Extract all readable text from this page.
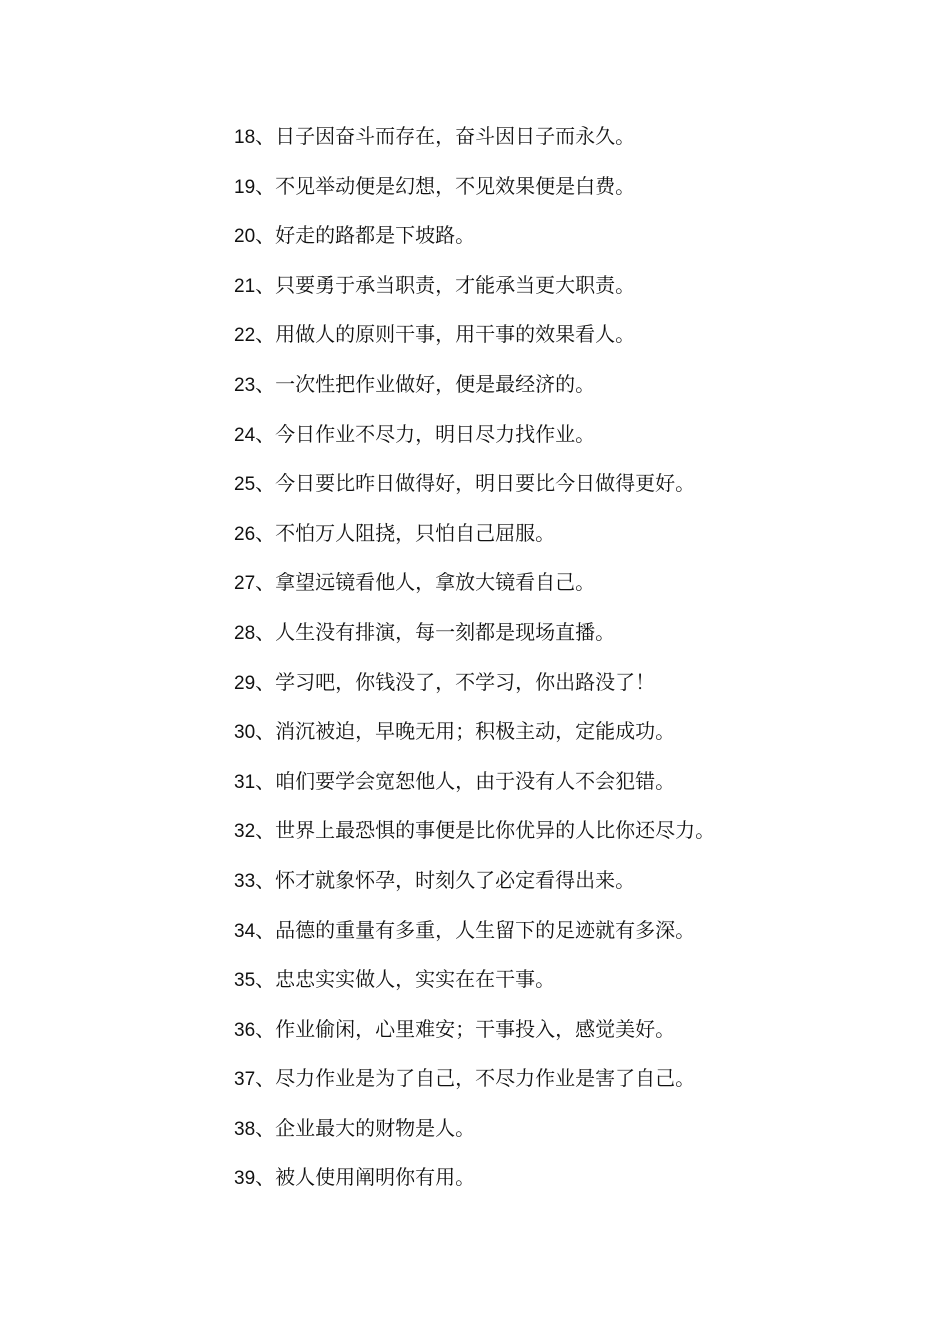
18、日子因奋斗而存在，奋斗因日子而永久。
19、不见举动便是幻想，不见效果便是白费。
20、好走的路都是下坡路。
21、只要勇于承当职责，才能承当更大职责。
22、用做人的原则干事，用干事的效果看人。
23、一次性把作业做好，便是最经济的。
24、今日作业不尽力，明日尽力找作业。
25、今日要比昨日做得好，明日要比今日做得更好。
26、不怕万人阻挠，只怕自己屈服。
27、拿望远镜看他人，拿放大镜看自己。
28、人生没有排演，每一刻都是现场直播。
29、学习吧，你钱没了，不学习，你出路没了！
30、消沉被迫，早晚无用；积极主动，定能成功。
31、咱们要学会宽恕他人，由于没有人不会犯错。
32、世界上最恐惧的事便是比你优异的人比你还尽力。
33、怀才就象怀孕，时刻久了必定看得出来。
34、品德的重量有多重，人生留下的足迹就有多深。
35、忠忠实实做人，实实在在干事。
36、作业偷闲，心里难安；干事投入，感觉美好。
37、尽力作业是为了自己，不尽力作业是害了自己。
38、企业最大的财物是人。
39、被人使用阐明你有用。
